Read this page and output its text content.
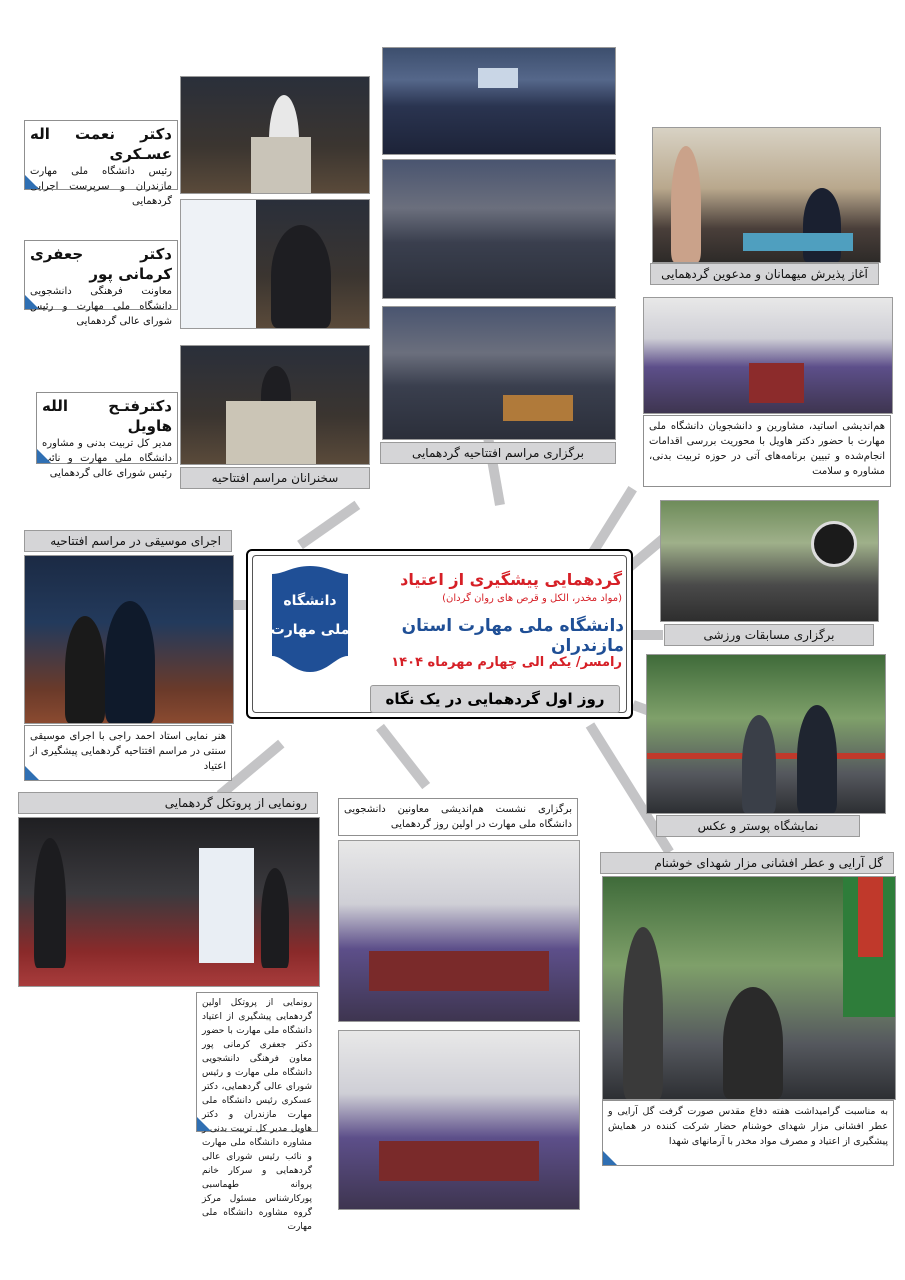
دکتر نعمت اله عسـکری
رئیس دانشگاه ملی مهارت مازندران و سرپرست اجرایی گردهمایی
دکتر جعفری کرمانی پور
معاونت فرهنگی دانشجویی دانشگاه ملی مهارت و رئیس شورای عالی گردهمایی
دکترفتـح الله هاویل
مدیر کل تربیت بدنی و مشاوره دانشگاه ملی مهارت و نائب رئیس شورای عالی گردهمایی	سخنرانان مراسم افتتاحیه
برگزاری مراسم افتتاحیه گردهمایی
آغاز پذیرش میهمانان و مدعوین گردهمایی
هم‌اندیشی اساتید، مشاورین و دانشجویان دانشگاه ملی مهارت با حضور دکتر هاویل با محوریت بررسی اقدامات انجام‌شده و تبیین برنامه‌های آتی در حوزه تربیت بدنی، مشاوره و سلامت
برگزاری مسابقات ورزشی
اجرای موسیقی در مراسم افتتاحیه
هنر نمایی استاد احمد راجی با اجرای موسیقی سنتی در مراسم افتتاحیه گردهمایی پیشگیری از اعتیاد
دانشگاه
ملی مهارت
گردهمایی پیشگیری از اعتیاد
(مواد مخدر، الکل و قرص های روان گردان)
دانشگاه ملی مهارت استان مازندران
رامسر/ یکم الی چهارم مهرماه ۱۴۰۴
روز اول گردهمایی در یک نگاه
نمایشگاه پوستر و عکس
رونمایی از پروتکل گردهمایی
رونمایی از پروتکل اولین گردهمایی پیشگیری از اعتیاد دانشگاه ملی مهارت با حضور دکتر جعفری کرمانی پور معاون فرهنگی دانشجویی دانشگاه ملی مهارت و رئیس شورای عالی گردهمایی، دکتر عسکری رئیس دانشگاه ملی مهارت مازندران و دکتر هاویل مدیر کل تربیت بدنی و مشاوره دانشگاه ملی مهارت و نائب رئیس شورای عالی گردهمایی و سرکار خانم پروانه طهماسبی پورکارشناس مسئول مرکز گروه مشاوره دانشگاه ملی مهارت
برگزاری نشست هم‌اندیشی معاونین دانشجویی دانشگاه ملی مهارت در اولین روز گردهمایی
گل آرایی و عطر افشانی مزار شهدای خوشنام
به مناسبت گرامیداشت هفته دفاع مقدس صورت گرفت گل آرایی و عطر افشانی مزار شهدای خوشنام حضار شرکت کننده در همایش پیشگیری از اعتیاد و مصرف مواد مخدر با آرمانهای شهدا
